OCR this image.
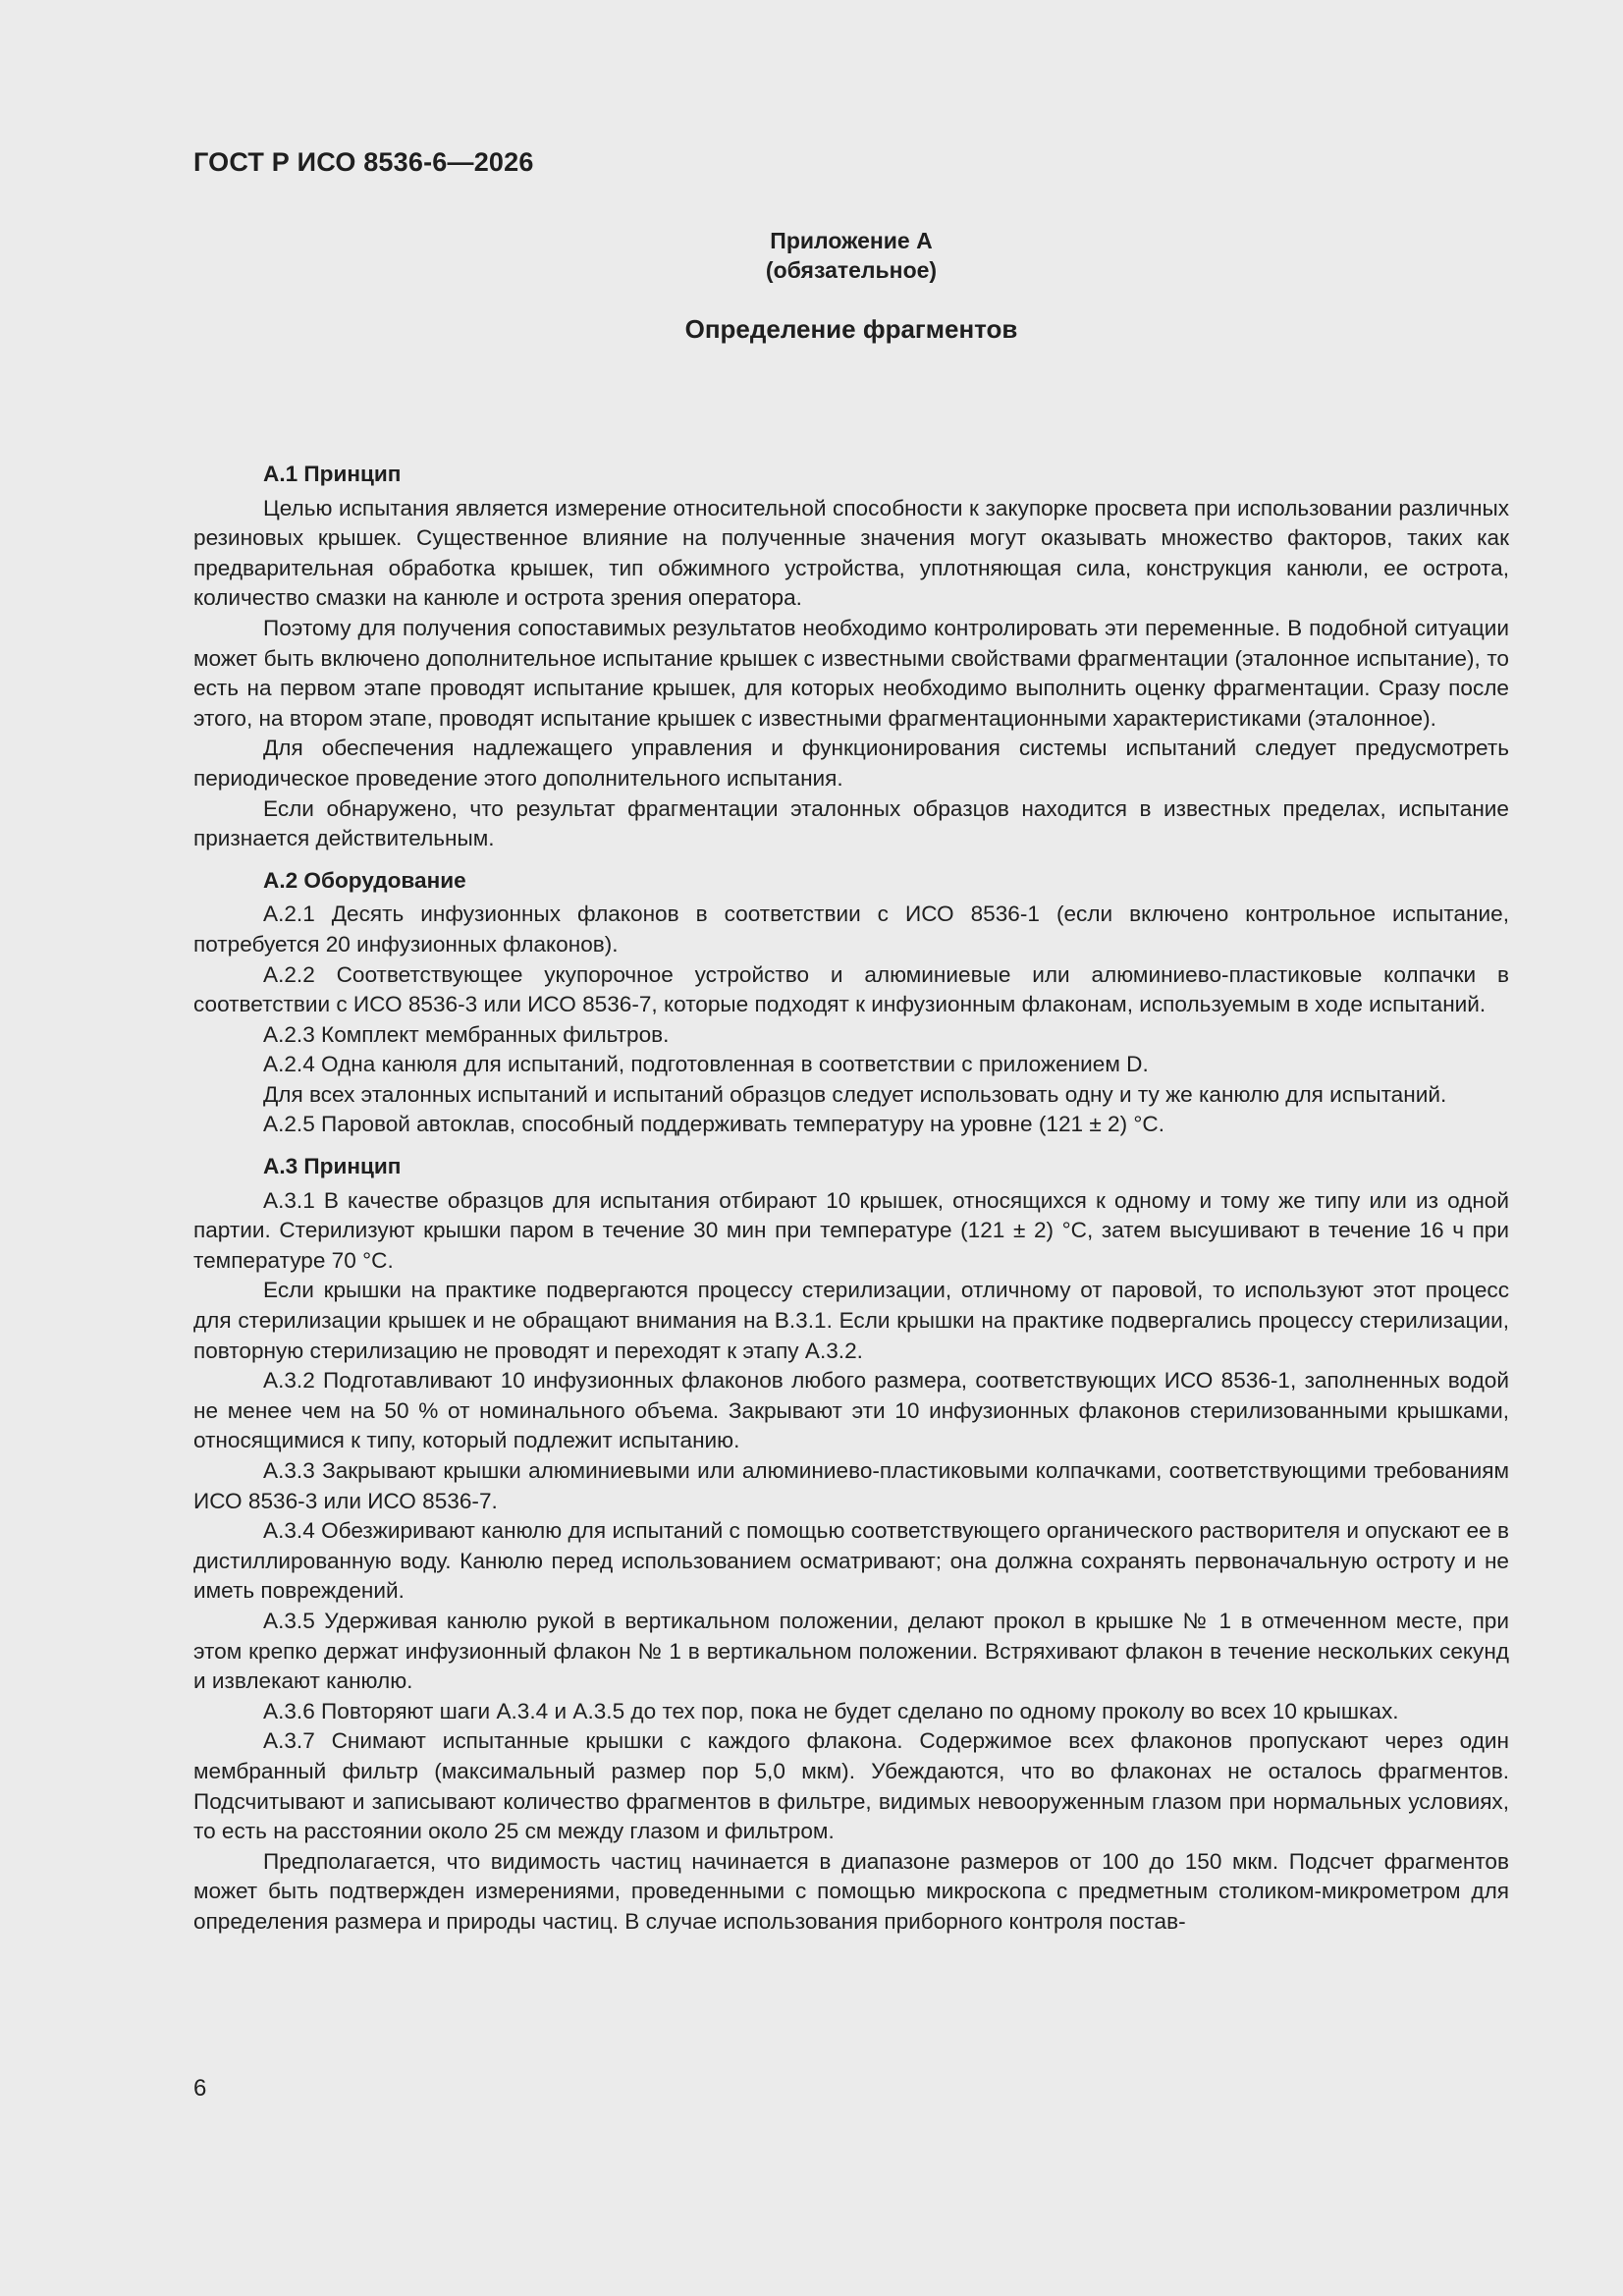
ГОСТ Р ИСО 8536-6—2026

Приложение А
(обязательное)
Определение фрагментов

А.1 Принцип

Целью испытания является измерение относительной способности к закупорке просвета при использовании различных резиновых крышек. Существенное влияние на полученные значения могут оказывать множество факторов, таких как предварительная обработка крышек, тип обжимного устройства, уплотняющая сила, конструкция канюли, ее острота, количество смазки на канюле и острота зрения оператора.

Поэтому для получения сопоставимых результатов необходимо контролировать эти переменные. В подобной ситуации может быть включено дополнительное испытание крышек с известными свойствами фрагментации (эталонное испытание), то есть на первом этапе проводят испытание крышек, для которых необходимо выполнить оценку фрагментации. Сразу после этого, на втором этапе, проводят испытание крышек с известными фрагментационными характеристиками (эталонное).

Для обеспечения надлежащего управления и функционирования системы испытаний следует предусмотреть периодическое проведение этого дополнительного испытания.

Если обнаружено, что результат фрагментации эталонных образцов находится в известных пределах, испытание признается действительным.

А.2 Оборудование

А.2.1 Десять инфузионных флаконов в соответствии с ИСО 8536-1 (если включено контрольное испытание, потребуется 20 инфузионных флаконов).

А.2.2 Соответствующее укупорочное устройство и алюминиевые или алюминиево-пластиковые колпачки в соответствии с ИСО 8536-3 или ИСО 8536-7, которые подходят к инфузионным флаконам, используемым в ходе испытаний.

А.2.3 Комплект мембранных фильтров.

А.2.4 Одна канюля для испытаний, подготовленная в соответствии с приложением D.

Для всех эталонных испытаний и испытаний образцов следует использовать одну и ту же канюлю для испытаний.

А.2.5 Паровой автоклав, способный поддерживать температуру на уровне (121 ± 2) °С.

А.3 Принцип

А.3.1 В качестве образцов для испытания отбирают 10 крышек, относящихся к одному и тому же типу или из одной партии. Стерилизуют крышки паром в течение 30 мин при температуре (121 ± 2) °С, затем высушивают в течение 16 ч при температуре 70 °С.

Если крышки на практике подвергаются процессу стерилизации, отличному от паровой, то используют этот процесс для стерилизации крышек и не обращают внимания на В.3.1. Если крышки на практике подвергались процессу стерилизации, повторную стерилизацию не проводят и переходят к этапу А.3.2.

А.3.2 Подготавливают 10 инфузионных флаконов любого размера, соответствующих ИСО 8536-1, заполненных водой не менее чем на 50 % от номинального объема. Закрывают эти 10 инфузионных флаконов стерилизованными крышками, относящимися к типу, который подлежит испытанию.

А.3.3 Закрывают крышки алюминиевыми или алюминиево-пластиковыми колпачками, соответствующими требованиям ИСО 8536-3 или ИСО 8536-7.

А.3.4 Обезжиривают канюлю для испытаний с помощью соответствующего органического растворителя и опускают ее в дистиллированную воду. Канюлю перед использованием осматривают; она должна сохранять первоначальную остроту и не иметь повреждений.

А.3.5 Удерживая канюлю рукой в вертикальном положении, делают прокол в крышке № 1 в отмеченном месте, при этом крепко держат инфузионный флакон № 1 в вертикальном положении. Встряхивают флакон в течение нескольких секунд и извлекают канюлю.

А.3.6 Повторяют шаги А.3.4 и А.3.5 до тех пор, пока не будет сделано по одному проколу во всех 10 крышках.

А.3.7 Снимают испытанные крышки с каждого флакона. Содержимое всех флаконов пропускают через один мембранный фильтр (максимальный размер пор 5,0 мкм). Убеждаются, что во флаконах не осталось фрагментов. Подсчитывают и записывают количество фрагментов в фильтре, видимых невооруженным глазом при нормальных условиях, то есть на расстоянии около 25 см между глазом и фильтром.

Предполагается, что видимость частиц начинается в диапазоне размеров от 100 до 150 мкм. Подсчет фрагментов может быть подтвержден измерениями, проведенными с помощью микроскопа с предметным столиком-микрометром для определения размера и природы частиц. В случае использования приборного контроля постав-

6
